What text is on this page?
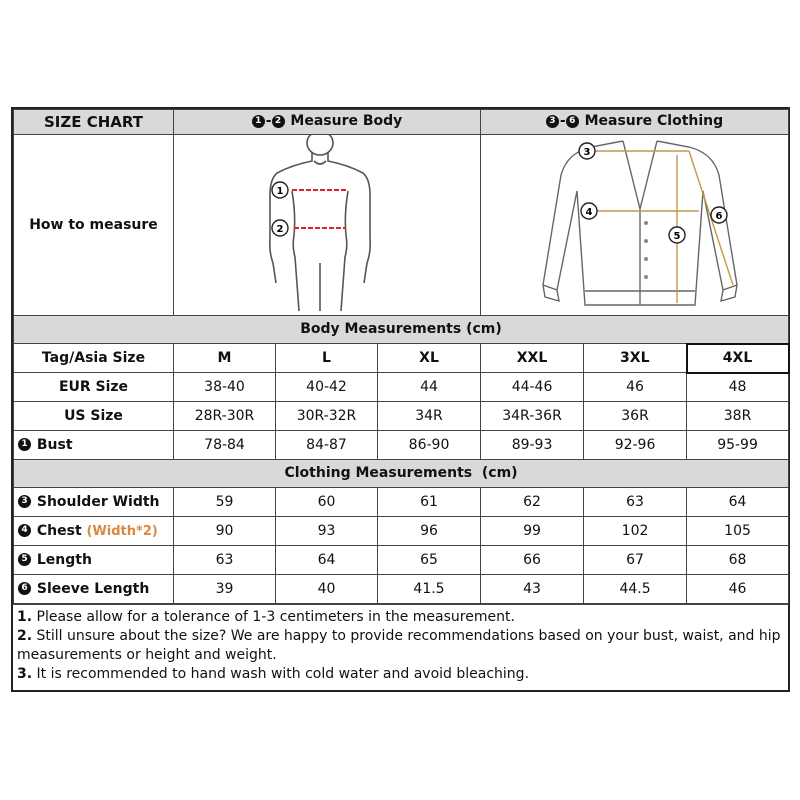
SIZE CHART	1 - 2 Measure Body			3 - 6 Measure Clothing		
How to measure	1
2			3
4
5
6		

Body Measurements (cm)						
Tag/Asia Size	M	L	XL	XXL	3XL	4XL
EUR Size	38-40	40-42	44	44-46	46	48
US Size	28R-30R	30R-32R	34R	34R-36R	36R	38R
1 Bust	78-84	84-87	86-90	89-93	92-96	95-99
Clothing Measurements  (cm)						
3 Shoulder Width	59	60	61	62	63	64
4 Chest (Width*2)	90	93	96	99	102	105
5 Length	63	64	65	66	67	68
6 Sleeve Length	39	40	41.5	43	44.5	46
1. Please allow for a tolerance of 1-3 centimeters in the measurement.
2. Still unsure about the size? We are happy to provide recommendations based on your bust, waist, and hip measurements or height and weight.
3. It is recommended to hand wash with cold water and avoid bleaching.
